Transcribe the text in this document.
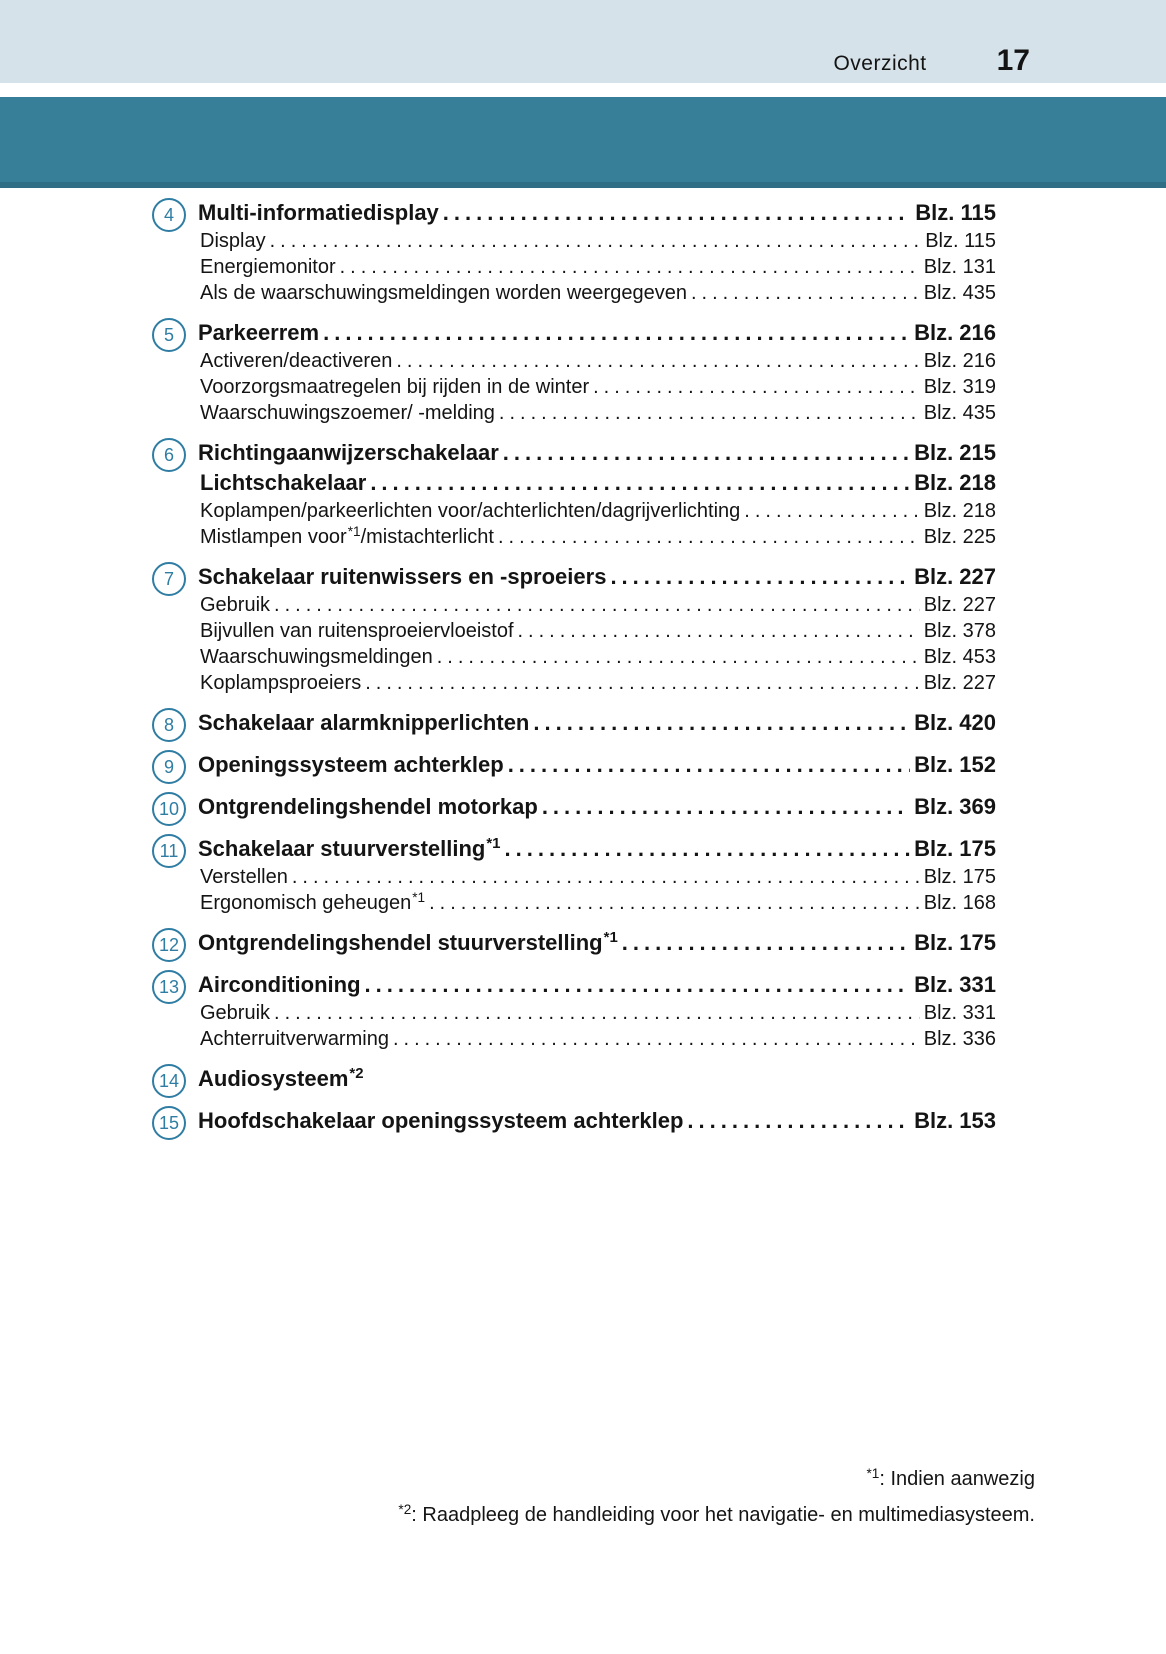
Overzicht 17
4	Multi-informatiedisplay .....	Blz. 115
Display .....	Blz. 115
Energiemonitor .....	Blz. 131
Als de waarschuwingsmeldingen worden weergegeven .....	Blz. 435
5	Parkeerrem .....	Blz. 216
Activeren/deactiveren .....	Blz. 216
Voorzorgsmaatregelen bij rijden in de winter .....	Blz. 319
Waarschuwingszoemer/ -melding .....	Blz. 435
6	Richtingaanwijzerschakelaar .....	Blz. 215
Lichtschakelaar .....	Blz. 218
Koplampen/parkeerlichten voor/achterlichten/dagrijverlichting .....	Blz. 218
Mistlampen voor$^{*1}$/mistachterlicht .....	Blz. 225
7	Schakelaar ruitenwissers en -sproeiers .....	Blz. 227
Gebruik .....	Blz. 227
Bijvullen van ruitensproeiervloeistof .....	Blz. 378
Waarschuwingsmeldingen .....	Blz. 453
Koplampsproeiers .....	Blz. 227
8	Schakelaar alarmknipperlichten .....	Blz. 420
9	Openingssysteem achterklep .....	Blz. 152
10 Ontgrendelingshendel motorkap .....	Blz. 369
11 Schakelaar stuurverstelling$^{*1}$ .....	Blz. 175
Verstellen .....	Blz. 175
Ergonomisch geheugen$^{*1}$ .....	Blz. 168
12 Ontgrendelingshendel stuurverstelling$^{*1}$ .....	Blz. 175
13 Airconditioning .....	Blz. 331
Gebruik .....	Blz. 331
Achterruitverwarming .....	Blz. 336
14 Audiosysteem$^{*2}$
15 Hoofdschakelaar openingssysteem achterklep .....	Blz. 153
$^{*1}$: Indien aanwezig
$^{*2}$: Raadpleeg de handleiding voor het navigatie- en multimediasysteem.
